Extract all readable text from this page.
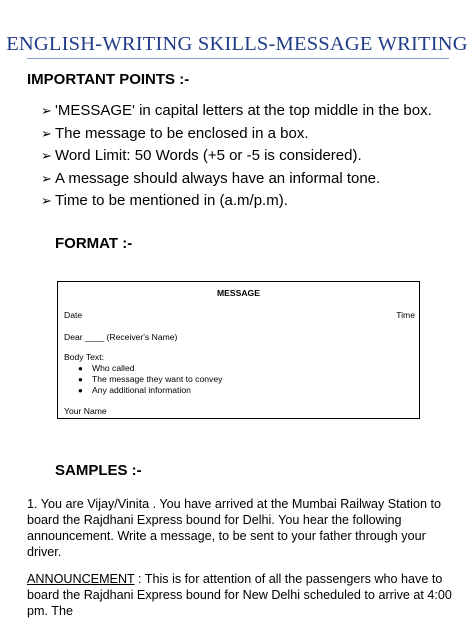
ENGLISH-WRITING SKILLS-MESSAGE WRITING
IMPORTANT POINTS :-
➢ 'MESSAGE' in capital letters at the top middle in the box.
➢ The message to be enclosed in a box.
➢ Word Limit: 50 Words (+5 or -5 is considered).
➢ A message should always have an informal tone.
➢ Time to be mentioned in (a.m/p.m).
FORMAT :-
MESSAGE
Date	Time
Dear ____ (Receiver's Name)
Body Text:
● Who called
● The message they want to convey
● Any additional information
Your Name
SAMPLES :-
1. You are Vijay/Vinita . You have arrived at the Mumbai Railway Station to board the Rajdhani Express bound for Delhi. You hear the following announcement. Write a message, to be sent to your father through your driver.
ANNOUNCEMENT : This is for attention of all the passengers who have to board the Rajdhani Express bound for New Delhi scheduled to arrive at 4:00 pm. The
